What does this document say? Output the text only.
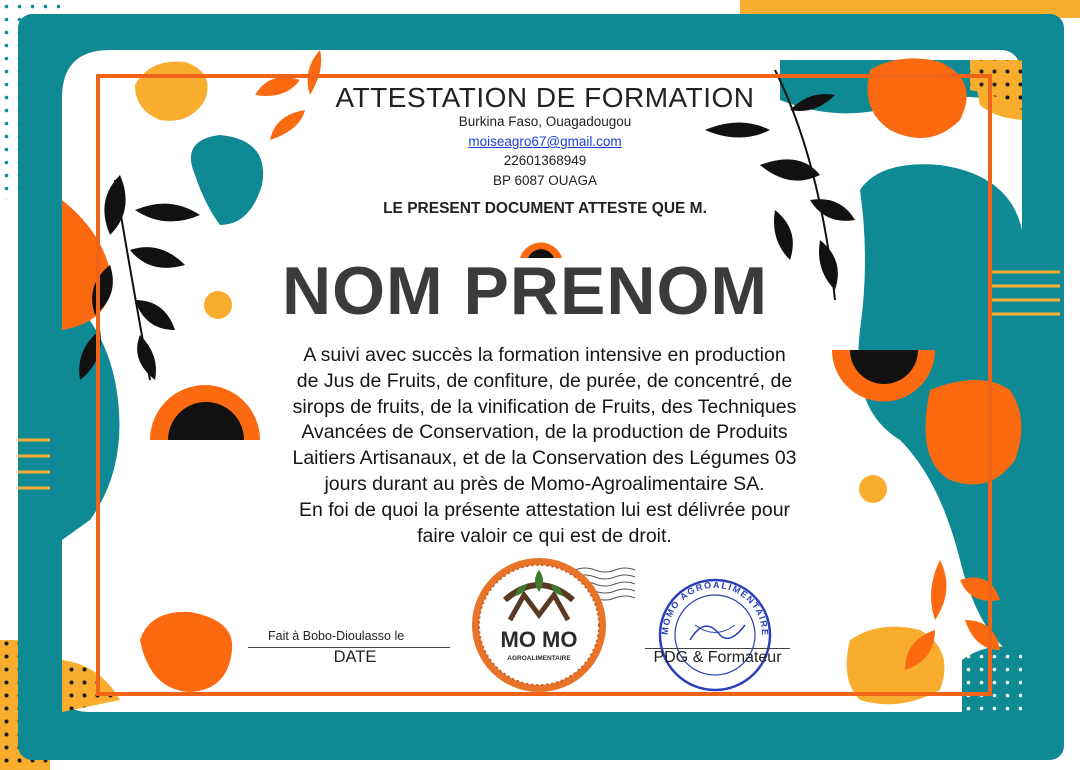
MO MO
AGROALIMENTAIRE
MOMO AGROALIMENTAIRE
ATTESTATION DE FORMATION
Burkina Faso, Ouagadougou
moiseagro67@gmail.com
22601368949
BP 6087 OUAGA
LE PRESENT DOCUMENT ATTESTE QUE M.
NOM PRENOM
A suivi avec succès la formation intensive en production
de Jus de Fruits, de confiture, de purée, de concentré, de
sirops de fruits, de la vinification de Fruits, des Techniques
Avancées de Conservation, de la production de Produits
Laitiers Artisanaux, et de la Conservation des Légumes 03
jours durant au près de Momo-Agroalimentaire SA.
En foi de quoi la présente attestation lui est délivrée pour
faire valoir ce qui est de droit.
Fait à Bobo-Dioulasso le
DATE	PDG & Formateur
